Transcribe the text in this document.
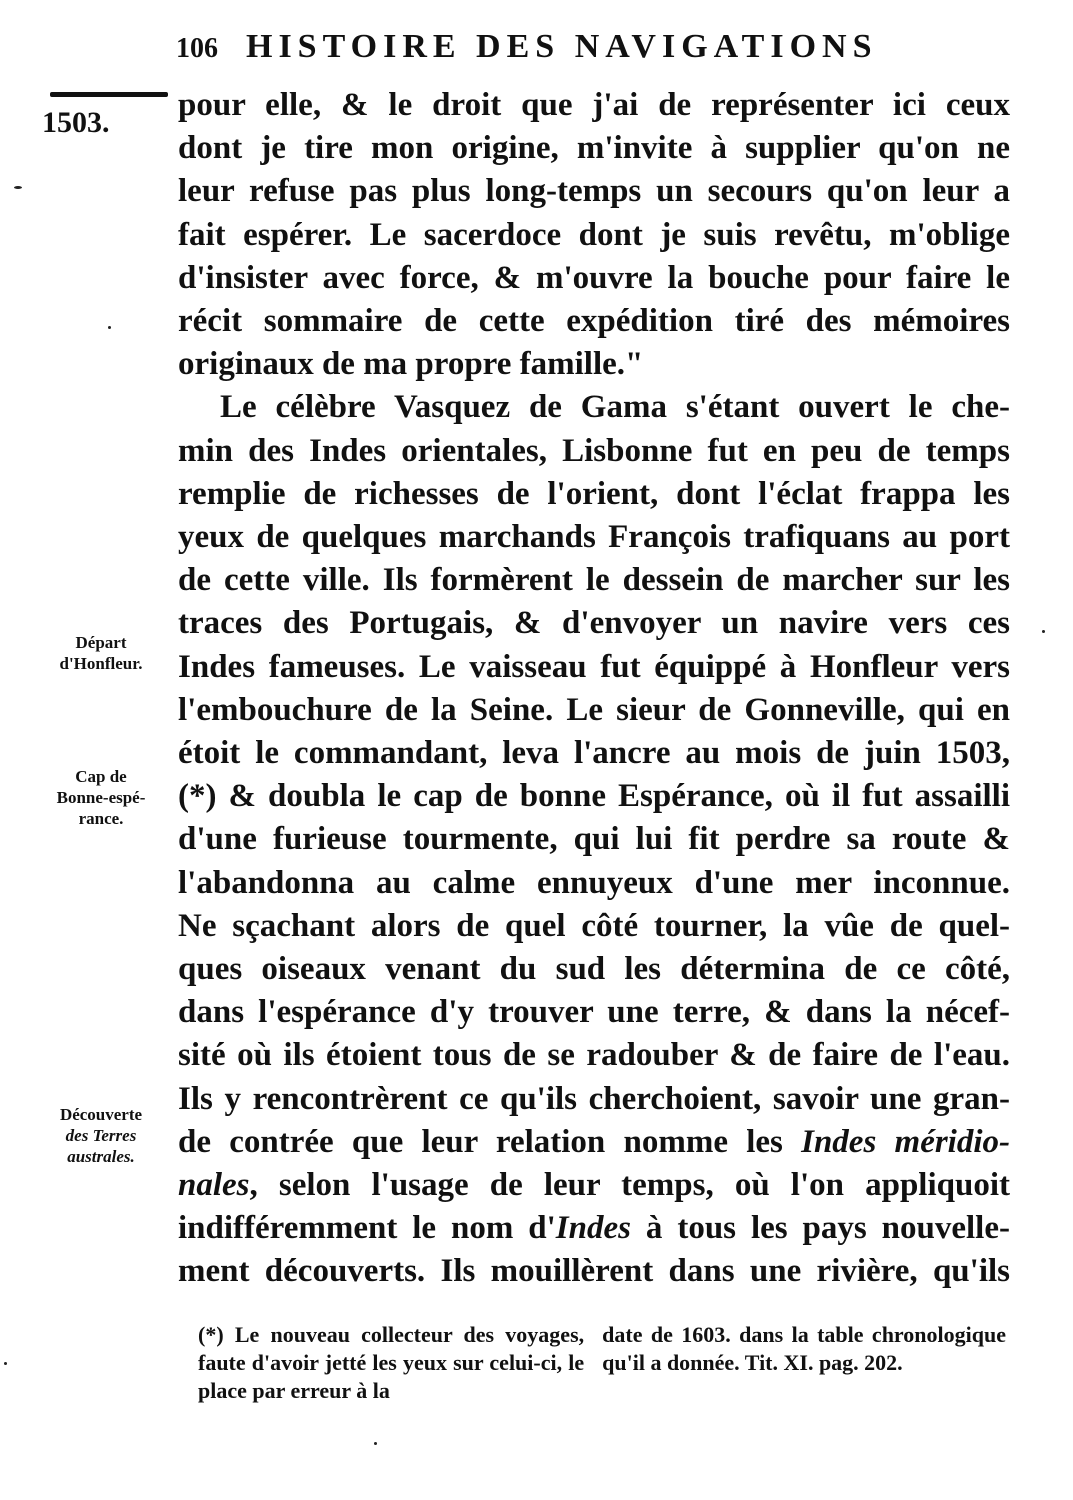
106 HISTOIRE DES NAVIGATIONS
1503.
Départ
d'Honfleur.
Cap de
Bonne-espé-
rance.
Découverte
des Terres
australes.

pour elle, & le droit que j'ai de représenter ici ceux

dont je tire mon origine, m'invite à supplier qu'on ne

leur refuse pas plus long-temps un secours qu'on leur a

fait espérer. Le sacerdoce dont je suis revêtu, m'oblige

d'insister avec force, & m'ouvre la bouche pour faire le

récit sommaire de cette expédition tiré des mémoires

originaux de ma propre famille."

Le célèbre Vasquez de Gama s'étant ouvert le che-

min des Indes orientales, Lisbonne fut en peu de temps

remplie de richesses de l'orient, dont l'éclat frappa les

yeux de quelques marchands François trafiquans au port

de cette ville. Ils formèrent le dessein de marcher sur les

traces des Portugais, & d'envoyer un navire vers ces

Indes fameuses. Le vaisseau fut équippé à Honfleur vers

l'embouchure de la Seine. Le sieur de Gonneville, qui en

étoit le commandant, leva l'ancre au mois de juin 1503,

(*) & doubla le cap de bonne Espérance, où il fut assailli

d'une furieuse tourmente, qui lui fit perdre sa route &

l'abandonna au calme ennuyeux d'une mer inconnue.

Ne sçachant alors de quel côté tourner, la vûe de quel-

ques oiseaux venant du sud les détermina de ce côté,

dans l'espérance d'y trouver une terre, & dans la nécef-

sité où ils étoient tous de se radouber & de faire de l'eau.

Ils y rencontrèrent ce qu'ils cherchoient, savoir une gran-

de contrée que leur relation nomme les Indes méridio-

nales, selon l'usage de leur temps, où l'on appliquoit

indifféremment le nom d'Indes à tous les pays nouvelle-

ment découverts. Ils mouillèrent dans une rivière, qu'ils

(*) Le nouveau collecteur des voyages, faute d'avoir jetté les yeux sur celui-ci, le place par erreur à la

date de 1603. dans la table chronologique qu'il a donnée. Tit. XI. pag. 202.
